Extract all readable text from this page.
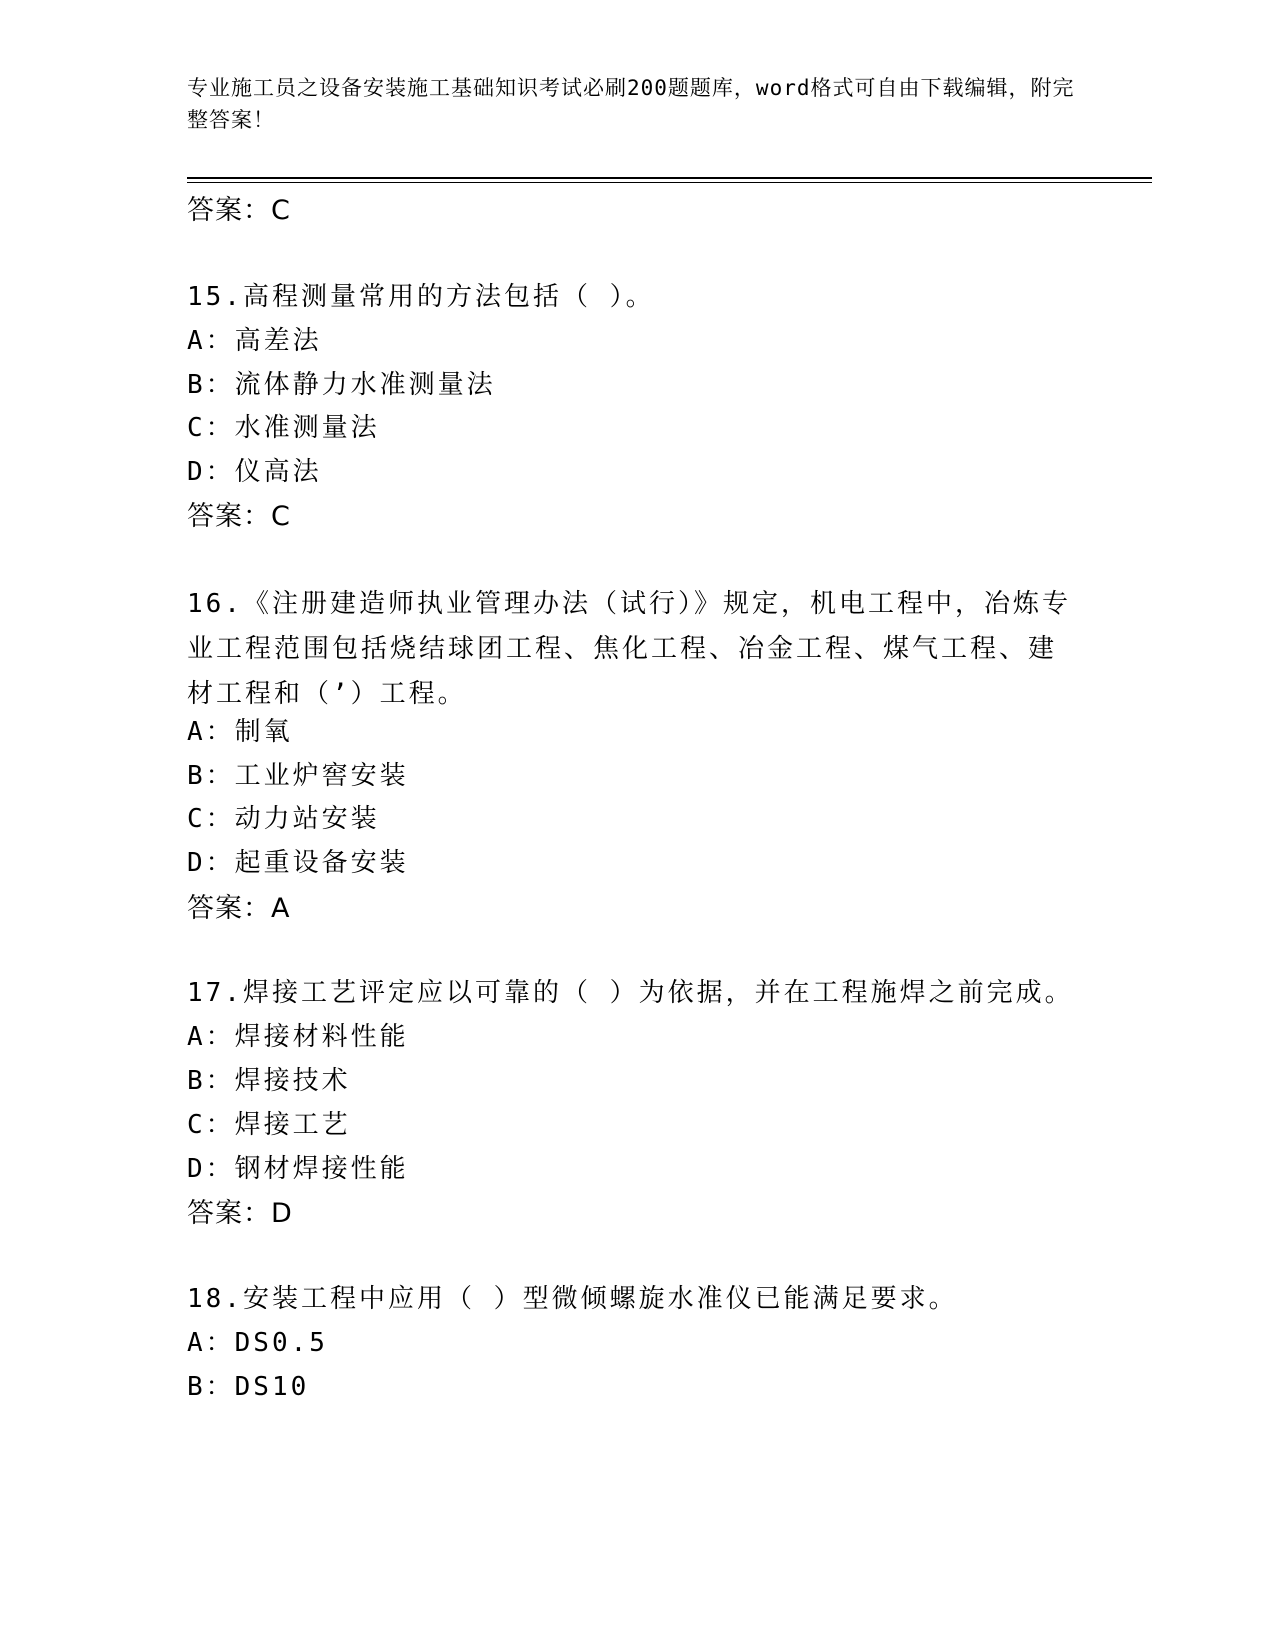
专业施工员之设备安装施工基础知识考试必刷200题题库，word格式可自由下载编辑，附完整答案！
答案：C
15.高程测量常用的方法包括（ ）。
A：高差法
B：流体静力水准测量法
C：水准测量法
D：仪高法
答案：C
16.《注册建造师执业管理办法（试行）》规定，机电工程中，冶炼专业工程范围包括烧结球团工程、焦化工程、冶金工程、煤气工程、建材工程和（’）工程。
A：制氧
B：工业炉窖安装
C：动力站安装
D：起重设备安装
答案：A
17.焊接工艺评定应以可靠的（ ）为依据，并在工程施焊之前完成。
A：焊接材料性能
B：焊接技术
C：焊接工艺
D：钢材焊接性能
答案：D
18.安装工程中应用（ ）型微倾螺旋水准仪已能满足要求。
A：DS0.5
B：DS10
